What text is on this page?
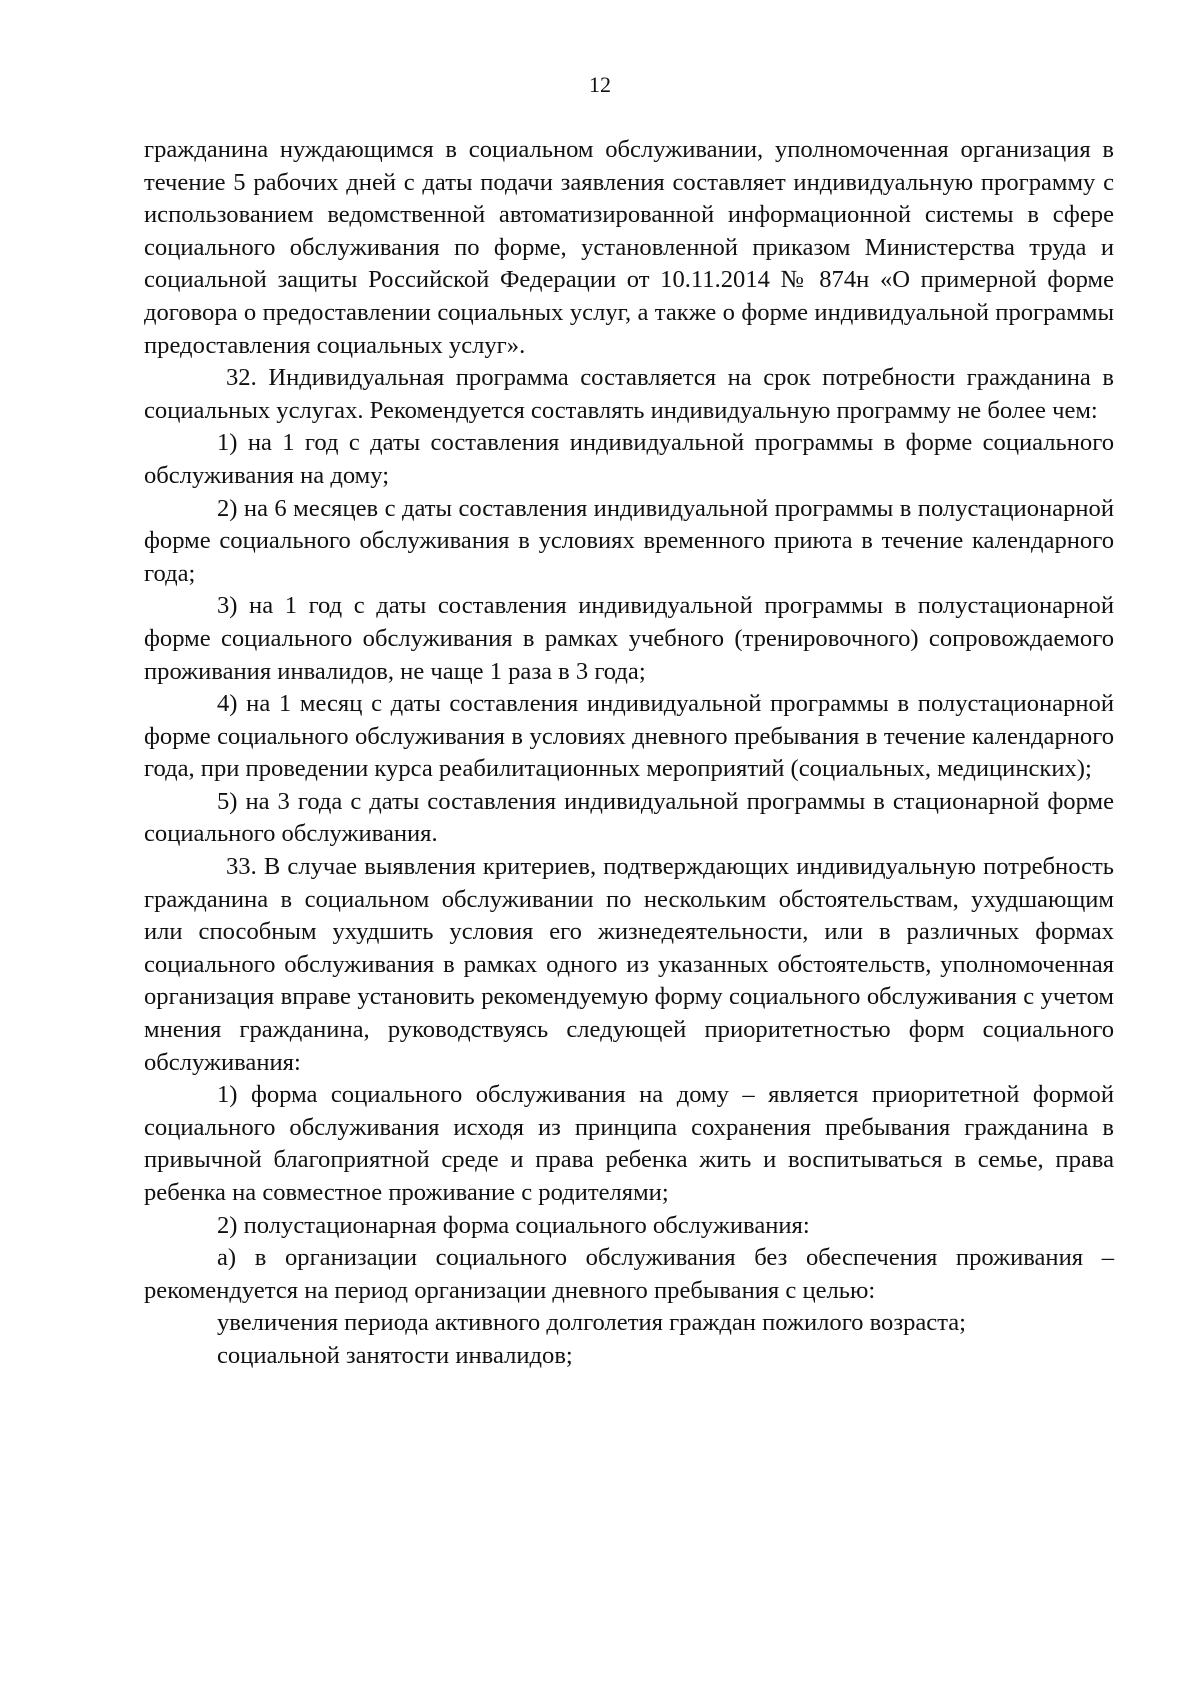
12

гражданина нуждающимся в социальном обслуживании, уполномоченная организация в течение 5 рабочих дней с даты подачи заявления составляет индивидуальную программу с использованием ведомственной автоматизированной информационной системы в сфере социального обслуживания по форме, установленной приказом Министерства труда и социальной защиты Российской Федерации от 10.11.2014 № 874н «О примерной форме договора о предоставлении социальных услуг, а также о форме индивидуальной программы предоставления социальных услуг».

32. Индивидуальная программа составляется на срок потребности гражданина в социальных услугах. Рекомендуется составлять индивидуальную программу не более чем:

1) на 1 год с даты составления индивидуальной программы в форме социального обслуживания на дому;

2) на 6 месяцев с даты составления индивидуальной программы в полустационарной форме социального обслуживания в условиях временного приюта в течение календарного года;

3) на 1 год с даты составления индивидуальной программы в полустационарной форме социального обслуживания в рамках учебного (тренировочного) сопровождаемого проживания инвалидов, не чаще 1 раза в 3 года;

4) на 1 месяц с даты составления индивидуальной программы в полустационарной форме социального обслуживания в условиях дневного пребывания в течение календарного года, при проведении курса реабилитационных мероприятий (социальных, медицинских);

5) на 3 года с даты составления индивидуальной программы в стационарной форме социального обслуживания.

33. В случае выявления критериев, подтверждающих индивидуальную потребность гражданина в социальном обслуживании по нескольким обстоятельствам, ухудшающим или способным ухудшить условия его жизнедеятельности, или в различных формах социального обслуживания в рамках одного из указанных обстоятельств, уполномоченная организация вправе установить рекомендуемую форму социального обслуживания с учетом мнения гражданина, руководствуясь следующей приоритетностью форм социального обслуживания:

1) форма социального обслуживания на дому – является приоритетной формой социального обслуживания исходя из принципа сохранения пребывания гражданина в привычной благоприятной среде и права ребенка жить и воспитываться в семье, права ребенка на совместное проживание с родителями;

2) полустационарная форма социального обслуживания:

а) в организации социального обслуживания без обеспечения проживания – рекомендуется на период организации дневного пребывания с целью:

увеличения периода активного долголетия граждан пожилого возраста;

социальной занятости инвалидов;
